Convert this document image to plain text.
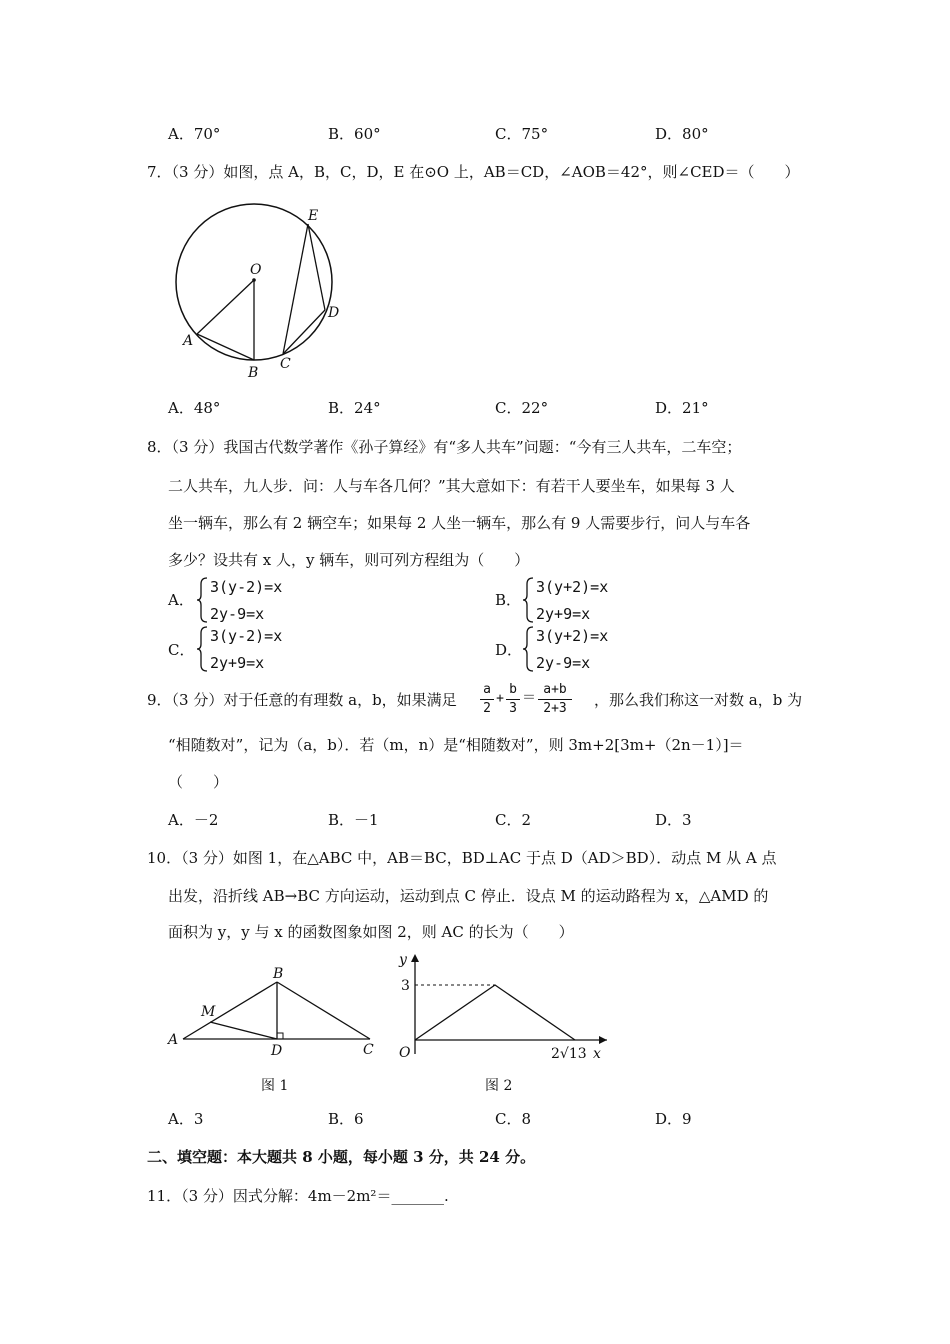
A．70°	B．60°	C．75°	D．80°
7．（3 分）如图，点 A，B，C，D，E 在⊙O 上，AB＝CD，∠AOB＝42°，则∠CED＝（　　）
O
A
B
C
D
E
A．48°	B．24°	C．22°	D．21°
8．（3 分）我国古代数学著作《孙子算经》有“多人共车”问题：“今有三人共车，二车空；
二人共车，九人步．问：人与车各几何？”其大意如下：有若干人要坐车，如果每 3 人
坐一辆车，那么有 2 辆空车；如果每 2 人坐一辆车，那么有 9 人需要步行，问人与车各
多少？设共有 x 人，y 辆车，则可列方程组为（　　）
A．
3(y-2)=x
2y-9=x
B．
3(y+2)=x
2y+9=x
C．
3(y-2)=x
2y+9=x
D．
3(y+2)=x
2y-9=x
9．（3 分）对于任意的有理数 a，b，如果满足
a
2
+
b
3
＝
a+b
2+3	，那么我们称这一对数 a，b 为
“相随数对”，记为（a，b）．若（m，n）是“相随数对”，则 3m+2[3m+（2n－1）]＝
（　　）
A．－2	B．－1	C．2	D．3
10．（3 分）如图 1，在△ABC 中，AB＝BC，BD⊥AC 于点 D（AD＞BD）．动点 M 从 A 点
出发，沿折线 AB→BC 方向运动，运动到点 C 停止．设点 M 的运动路程为 x，△AMD 的
面积为 y，y 与 x 的函数图象如图 2，则 AC 的长为（　　）
A
B
C
D
M
图 1
y
x
O
3
2√13
图 2
A．3	B．6	C．8	D．9
二、填空题：本大题共 8 小题，每小题 3 分，共 24 分。
11．（3 分）因式分解：4m－2m²＝_______.
